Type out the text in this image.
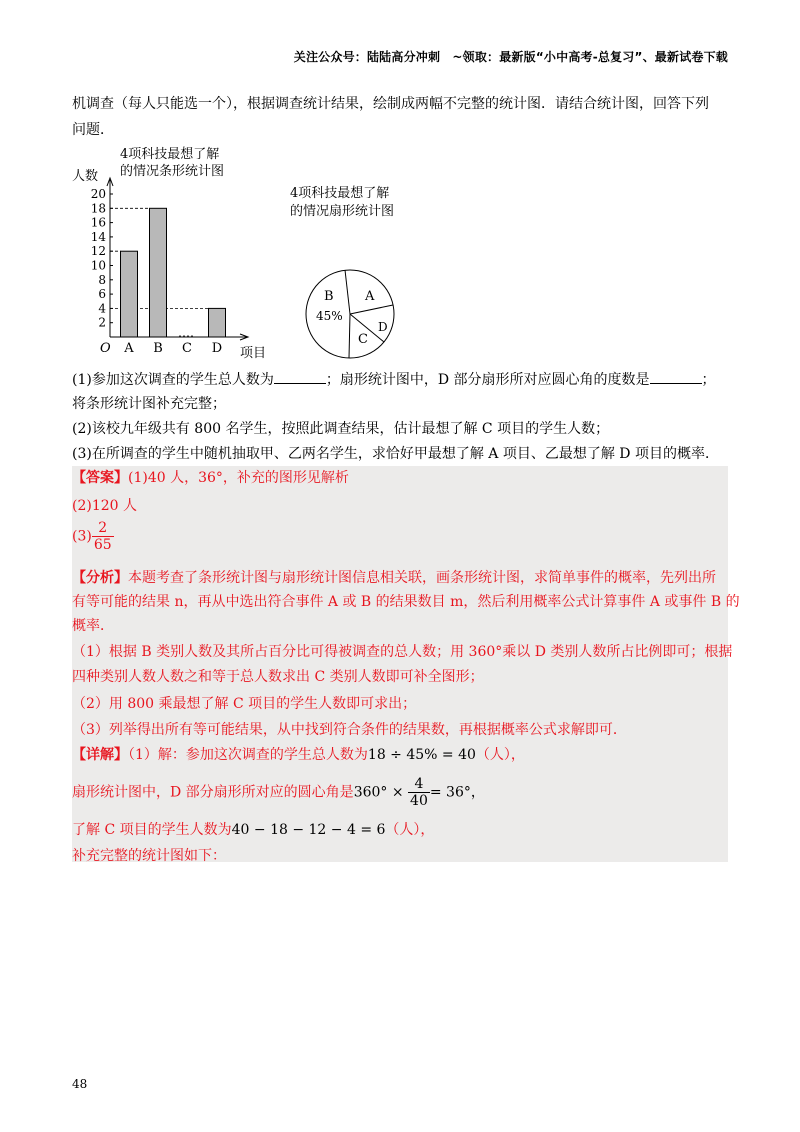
关注公众号：陆陆高分冲刺　~领取：最新版“小中高考-总复习”、最新试卷下载
机调查（每人只能选一个），根据调查统计结果，绘制成两幅不完整的统计图．请结合统计图，回答下列
问题．
4项科技最想了解
的情况条形统计图
人数
2
4
6
8
10
12
14
16
18
20
A B C D
O	项目
4项科技最想了解
的情况扇形统计图
A
B
45%
C
D
(1)参加这次调查的学生总人数为	；扇形统计图中，D 部分扇形所对应圆心角的度数是	；
将条形统计图补充完整；
(2)该校九年级共有 800 名学生，按照此调查结果，估计最想了解 C 项目的学生人数；
(3)在所调查的学生中随机抽取甲、乙两名学生，求恰好甲最想了解 A 项目、乙最想了解 D 项目的概率．
【答案】(1)40 人，36°，补充的图形见解析
(2)120 人
$(3) \frac{2}{65}$
【分析】本题考查了条形统计图与扇形统计图信息相关联，画条形统计图，求简单事件的概率，先列出所
有等可能的结果 n，再从中选出符合事件 A 或 B 的结果数目 m，然后利用概率公式计算事件 A 或事件 B 的
概率．
（1）根据 B 类别人数及其所占百分比可得被调查的总人数；用 360°乘以 D 类别人数所占比例即可；根据
四种类别人数人数之和等于总人数求出 C 类别人数即可补全图形；
（2）用 800 乘最想了解 C 项目的学生人数即可求出；
（3）列举得出所有等可能结果，从中找到符合条件的结果数，再根据概率公式求解即可．
【详解】（1）解：参加这次调查的学生总人数为18 ÷ 45% = 40（人），
扇形统计图中，D 部分扇形所对应的圆心角是$360^\circ \times \frac{4}{40} = 36^\circ$，
了解 C 项目的学生人数为40 − 18 − 12 − 4 = 6（人），
补充完整的统计图如下：
48
